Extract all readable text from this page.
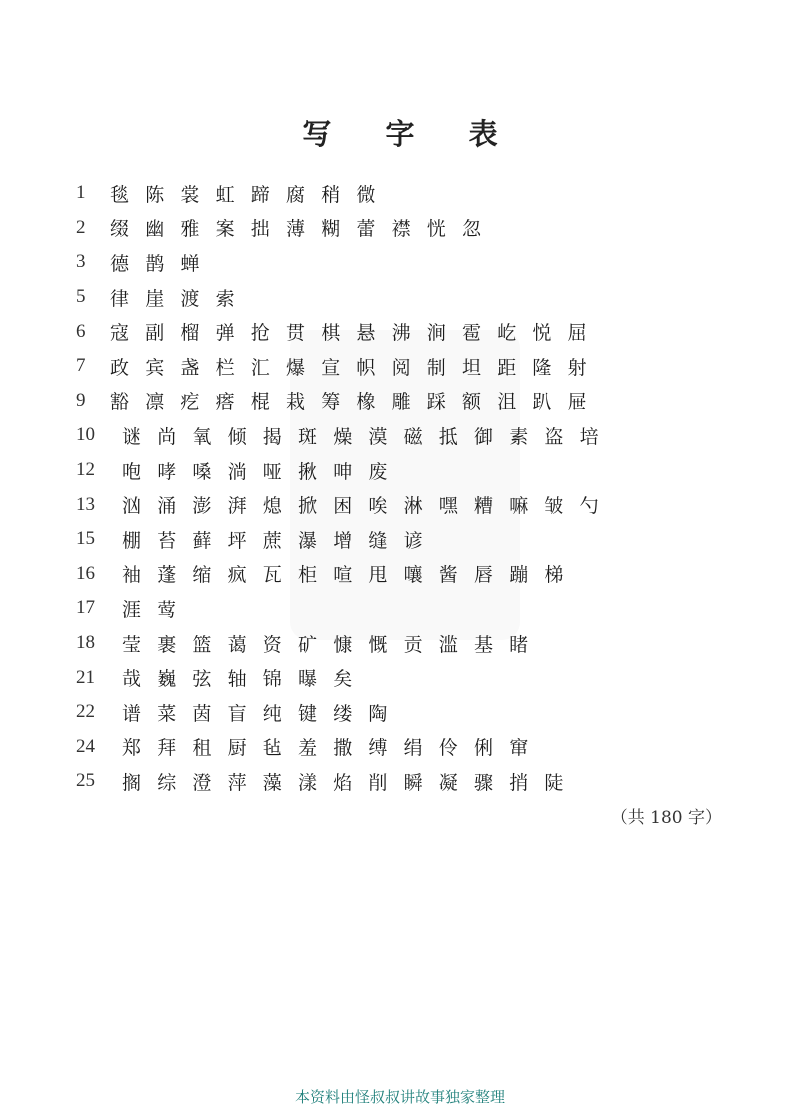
写 字 表
1	毯陈裳虹蹄腐稍微
2	缀幽雅案拙薄糊蕾襟恍忽
3	德鹊蝉
5	律崖渡索
6	寇副榴弹抢贯棋悬沸涧雹屹悦屈
7	政宾盏栏汇爆宣帜阅制坦距隆射
9	豁凛疙瘩棍栽筹橡雕踩额沮趴屉
10	谜尚氧倾揭斑燥漠磁抵御素盗培
12	咆哮嗓淌哑揪呻废
13	汹涌澎湃熄掀困唉淋嘿糟嘛皱勺
15	棚苔藓坪蔗瀑增缝谚
16	袖蓬缩疯瓦柜喧甩嚷酱唇蹦梯
17	涯莺
18	莹裹篮蔼资矿慷慨贡滥基睹
21	哉巍弦轴锦曝矣
22	谱菜茵盲纯键缕陶
24	郑拜租厨毡羞撒缚绢伶俐窜
25	搁综澄萍藻漾焰削瞬凝骤捎陡
（共 180 字）
本资料由怪叔叔讲故事独家整理
